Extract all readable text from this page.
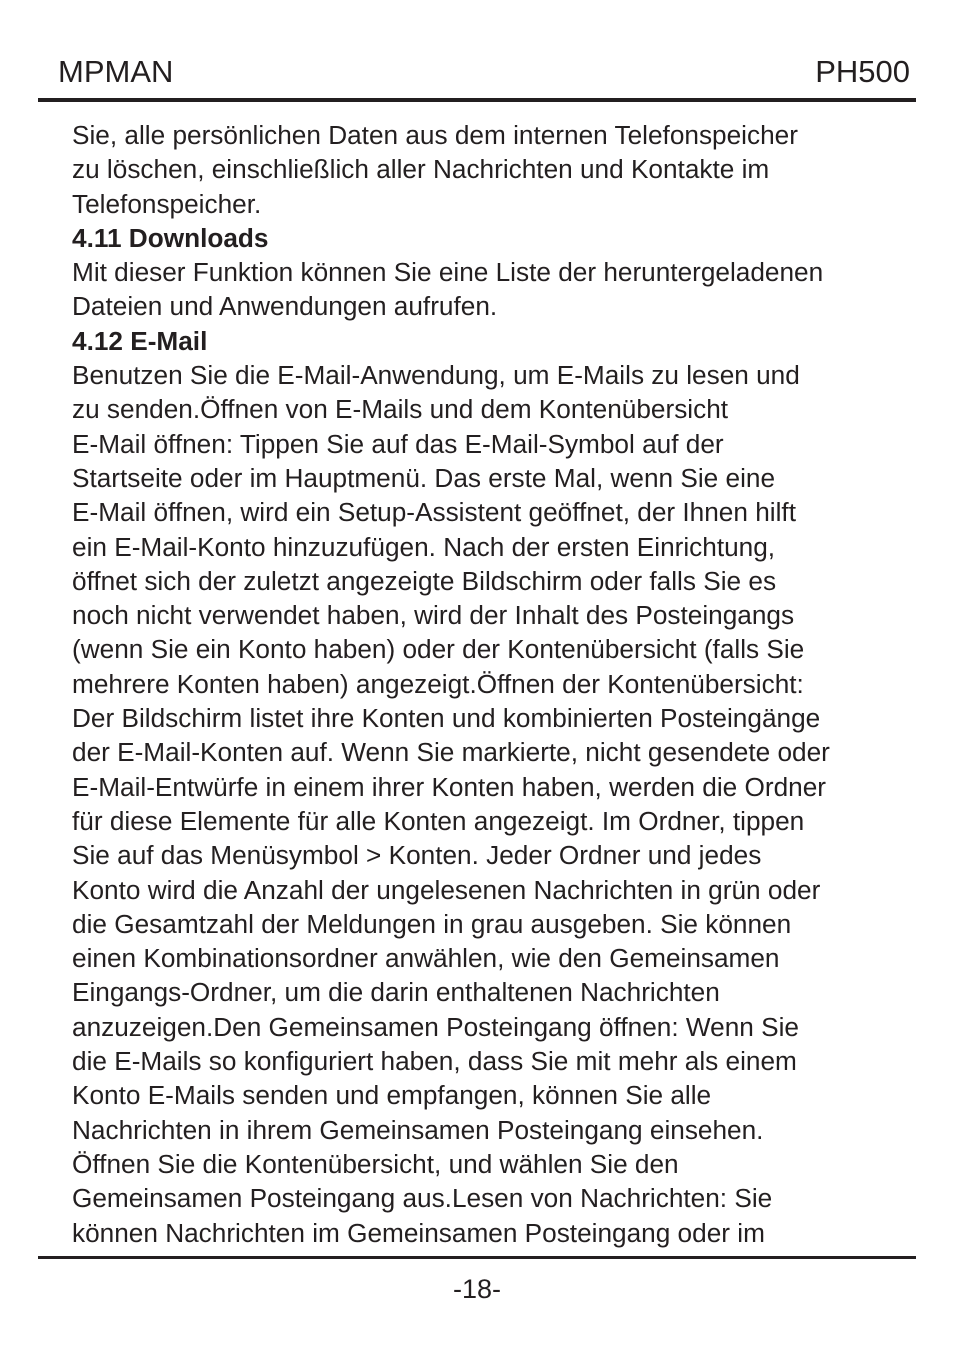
MPMAN	PH500

Sie, alle persönlichen Daten aus dem internen Telefonspeicher

zu löschen, einschließlich aller Nachrichten und Kontakte im

Telefonspeicher.

4.11 Downloads

Mit dieser Funktion können Sie eine Liste der heruntergeladenen

Dateien und Anwendungen aufrufen.

4.12 E-Mail

Benutzen Sie die E-Mail-Anwendung, um E-Mails zu lesen und

zu senden.Öffnen von E-Mails und dem Kontenübersicht

E-Mail öffnen: Tippen Sie auf das E-Mail-Symbol auf der

Startseite oder im Hauptmenü. Das erste Mal, wenn Sie eine

E-Mail öffnen, wird ein Setup-Assistent geöffnet, der Ihnen hilft

ein E-Mail-Konto hinzuzufügen. Nach der ersten Einrichtung,

öffnet sich der zuletzt angezeigte Bildschirm oder falls Sie es

noch nicht verwendet haben, wird der Inhalt des Posteingangs

(wenn Sie ein Konto haben) oder der Kontenübersicht (falls Sie

mehrere Konten haben) angezeigt.Öffnen der Kontenübersicht:

Der Bildschirm listet ihre Konten und kombinierten Posteingänge

der E-Mail-Konten auf. Wenn Sie markierte, nicht gesendete oder

E-Mail-Entwürfe in einem ihrer Konten haben, werden die Ordner

für diese Elemente für alle Konten angezeigt. Im Ordner, tippen

Sie auf das Menüsymbol > Konten. Jeder Ordner und jedes

Konto wird die Anzahl der ungelesenen Nachrichten in grün oder

die Gesamtzahl der Meldungen in grau ausgeben. Sie können

einen Kombinationsordner anwählen, wie den Gemeinsamen

Eingangs-Ordner, um die darin enthaltenen Nachrichten

anzuzeigen.Den Gemeinsamen Posteingang öffnen: Wenn Sie

die E-Mails so konfiguriert haben, dass Sie mit mehr als einem

Konto E-Mails senden und empfangen, können Sie alle

Nachrichten in ihrem Gemeinsamen Posteingang einsehen.

Öffnen Sie die Kontenübersicht, und wählen Sie den

Gemeinsamen Posteingang aus.Lesen von Nachrichten: Sie

können Nachrichten im Gemeinsamen Posteingang oder im

-18-
